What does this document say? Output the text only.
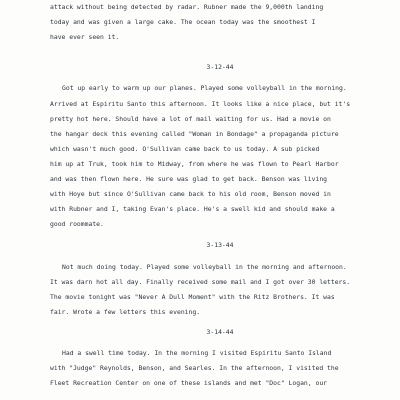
attack without being detected by radar. Rubner made the 9,000th landing
today and was given a large cake. The ocean today was the smoothest I
have ever seen it.
3-12-44
Got up early to warm up our planes. Played some volleyball in the morning.
Arrived at Espiritu Santo this afternoon. It looks like a nice place, but it's
pretty hot here. Should have a lot of mail waiting for us. Had a movie on
the hangar deck this evening called "Woman in Bondage" a propaganda picture
which wasn't much good. O'Sullivan came back to us today. A sub picked
him up at Truk, took him to Midway, from where he was flown to Pearl Harbor
and was then flown here. He sure was glad to get back. Benson was living
with Hoye but since O'Sullivan came back to his old room, Benson moved in
with Rubner and I, taking Evan's place. He's a swell kid and should make a
good roommate.
3-13-44
Not much doing today. Played some volleyball in the morning and afternoon.
It was darn hot all day. Finally received some mail and I got over 30 letters.
The movie tonight was "Never A Dull Moment" with the Ritz Brothers. It was
fair. Wrote a few letters this evening.
3-14-44
Had a swell time today. In the morning I visited Espiritu Santo Island
with "Judge" Reynolds, Benson, and Searles. In the afternoon, I visited the
Fleet Recreation Center on one of these islands and met "Doc" Logan, our
